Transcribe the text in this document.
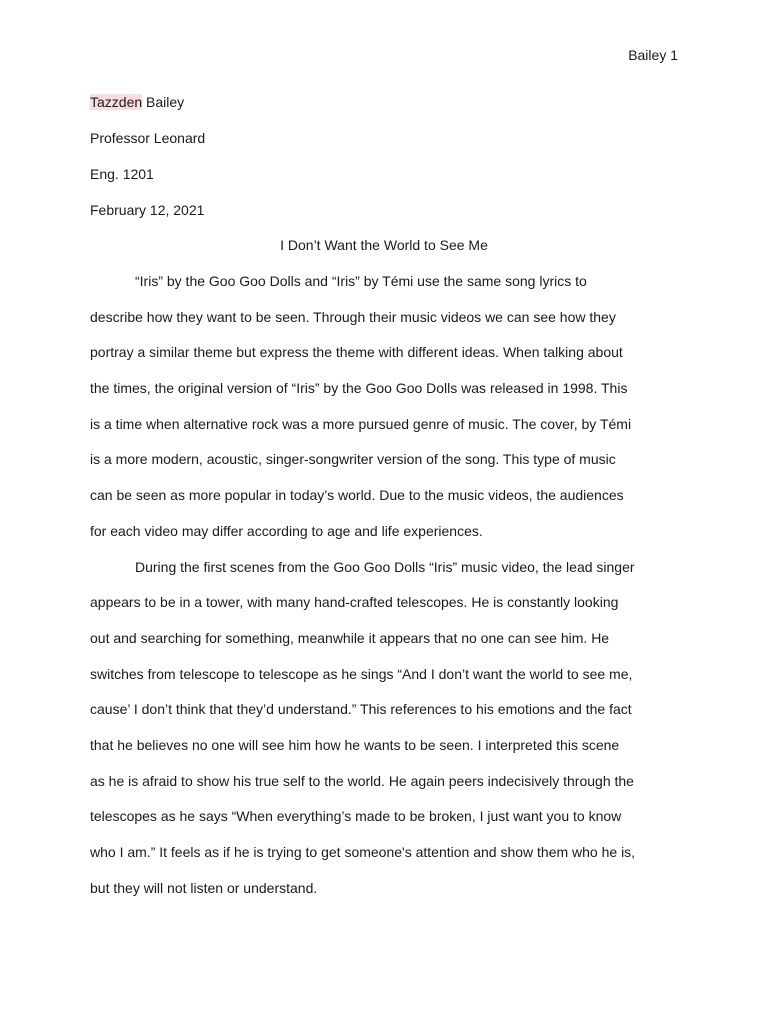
Bailey 1
Tazzden Bailey
Professor Leonard
Eng. 1201
February 12, 2021
I Don’t Want the World to See Me
“Iris” by the Goo Goo Dolls and “Iris” by Témi use the same song lyrics to
describe how they want to be seen. Through their music videos we can see how they
portray a similar theme but express the theme with different ideas. When talking about
the times, the original version of “Iris” by the Goo Goo Dolls was released in 1998. This
is a time when alternative rock was a more pursued genre of music. The cover, by Témi
is a more modern, acoustic, singer-songwriter version of the song. This type of music
can be seen as more popular in today’s world. Due to the music videos, the audiences
for each video may differ according to age and life experiences.
During the first scenes from the Goo Goo Dolls “Iris” music video, the lead singer
appears to be in a tower, with many hand-crafted telescopes. He is constantly looking
out and searching for something, meanwhile it appears that no one can see him. He
switches from telescope to telescope as he sings “And I don’t want the world to see me,
cause’ I don’t think that they’d understand.” This references to his emotions and the fact
that he believes no one will see him how he wants to be seen. I interpreted this scene
as he is afraid to show his true self to the world. He again peers indecisively through the
telescopes as he says “When everything’s made to be broken, I just want you to know
who I am.” It feels as if he is trying to get someone's attention and show them who he is,
but they will not listen or understand.
